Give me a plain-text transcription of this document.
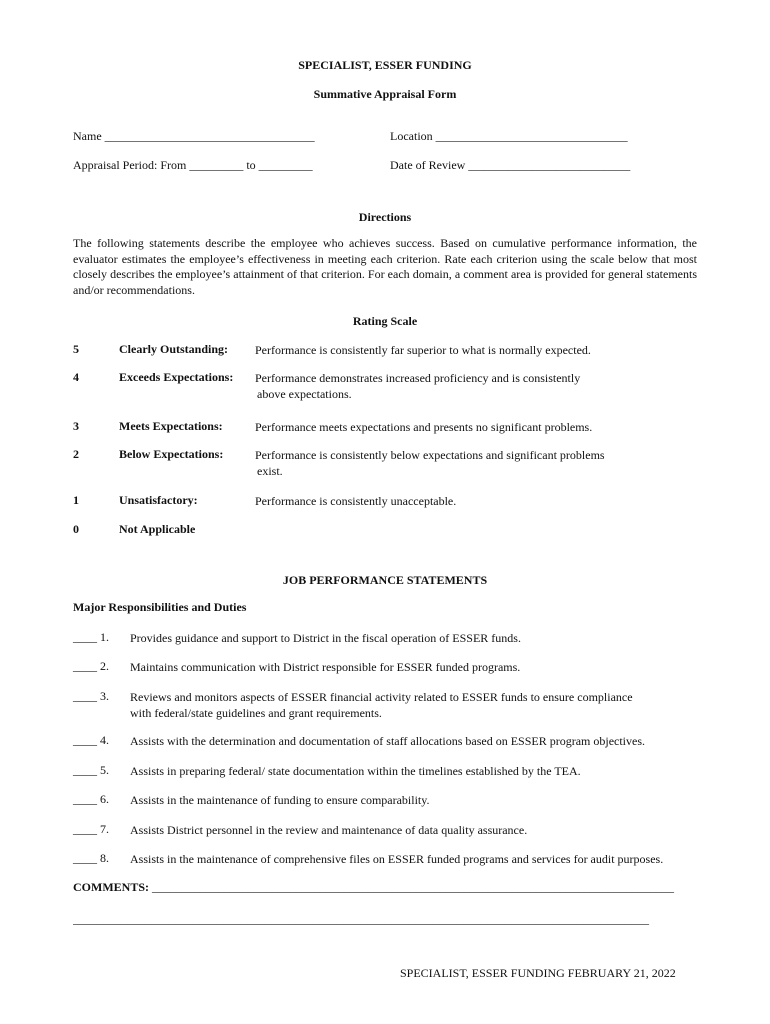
SPECIALIST, ESSER FUNDING
Summative Appraisal Form
Name ___________________________________	Location ________________________________
Appraisal Period: From _________ to _________	Date of Review ___________________________
Directions
The following statements describe the employee who achieves success. Based on cumulative performance information, the evaluator estimates the employee’s effectiveness in meeting each criterion. Rate each criterion using the scale below that most closely describes the employee’s attainment of that criterion. For each domain, a comment area is provided for general statements and/or recommendations.
Rating Scale
5	Clearly Outstanding: Performance is consistently far superior to what is normally expected.
4	Exceeds Expectations: Performance demonstrates increased proficiency and is consistently
above expectations.
3	Meets Expectations:	Performance meets expectations and presents no significant problems.
2	Below Expectations:	Performance is consistently below expectations and significant problems
exist.
1	Unsatisfactory:	Performance is consistently unacceptable.
0	Not Applicable
JOB PERFORMANCE STATEMENTS
Major Responsibilities and Duties
____ 1. Provides guidance and support to District in the fiscal operation of ESSER funds.
____ 2. Maintains communication with District responsible for ESSER funded programs.
____ 3. Reviews and monitors aspects of ESSER financial activity related to ESSER funds to ensure compliance
with federal/state guidelines and grant requirements.
____ 4. Assists with the determination and documentation of staff allocations based on ESSER program objectives.
____ 5. Assists in preparing federal/ state documentation within the timelines established by the TEA.
____ 6. Assists in the maintenance of funding to ensure comparability.
____ 7. Assists District personnel in the review and maintenance of data quality assurance.
____ 8. Assists in the maintenance of comprehensive files on ESSER funded programs and services for audit purposes.
COMMENTS: _______________________________________________________________________________________
________________________________________________________________________________________________
SPECIALIST, ESSER FUNDING FEBRUARY 21, 2022
